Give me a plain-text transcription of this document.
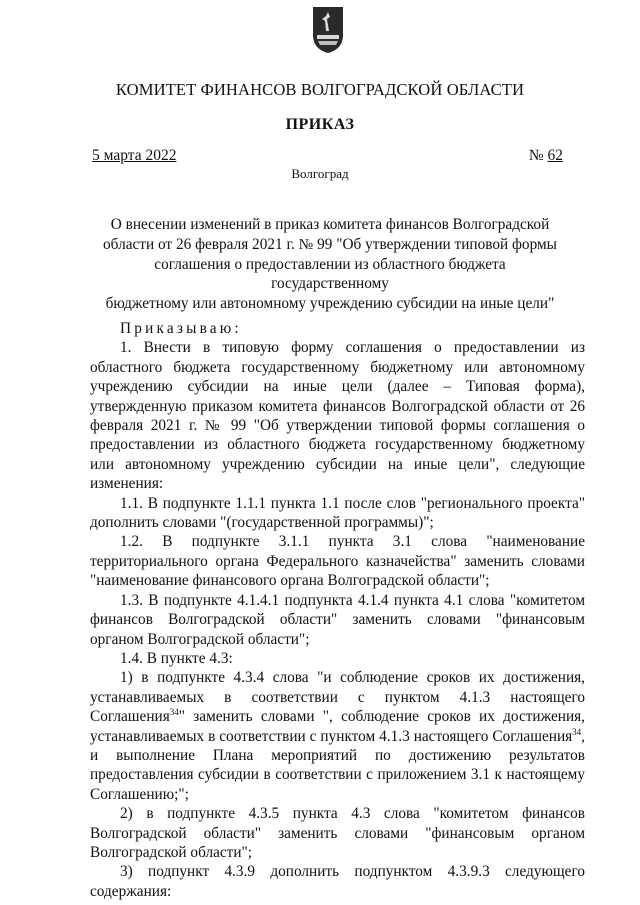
КОМИТЕТ ФИНАНСОВ ВОЛГОГРАДСКОЙ ОБЛАСТИ
ПРИКАЗ
5 марта 2022	№ 62
Волгоград
О внесении изменений в приказ комитета финансов Волгоградской
области от 26 февраля 2021 г. № 99 "Об утверждении типовой формы
соглашения о предоставлении из областного бюджета государственному
бюджетному или автономному учреждению субсидии на иные цели"

Приказываю:

1. Внести в типовую форму соглашения о предоставлении из областного бюджета государственному бюджетному или автономному учреждению субсидии на иные цели (далее – Типовая форма), утвержденную приказом комитета финансов Волгоградской области от 26 февраля 2021 г. № 99 "Об утверждении типовой формы соглашения о предоставлении из областного бюджета государственному бюджетному или автономному учреждению субсидии на иные цели", следующие изменения:

1.1. В подпункте 1.1.1 пункта 1.1 после слов "регионального проекта" дополнить словами "(государственной программы)";

1.2. В подпункте 3.1.1 пункта 3.1 слова "наименование территориального органа Федерального казначейства" заменить словами "наименование финансового органа Волгоградской области";

1.3. В подпункте 4.1.4.1 подпункта 4.1.4 пункта 4.1 слова "комитетом финансов Волгоградской области" заменить словами "финансовым органом Волгоградской области";

1.4. В пункте 4.3:

1) в подпункте 4.3.4 слова "и соблюдение сроков их достижения, устанавливаемых в соответствии с пунктом 4.1.3 настоящего Соглашения$^{34}$" заменить словами ", соблюдение сроков их достижения, устанавливаемых в соответствии с пунктом 4.1.3 настоящего Соглашения$^{34}$, и выполнение Плана мероприятий по достижению результатов предоставления субсидии в соответствии с приложением 3.1 к настоящему Соглашению;";

2) в подпункте 4.3.5 пункта 4.3 слова "комитетом финансов Волгоградской области" заменить словами "финансовым органом Волгоградской области";

3) подпункт 4.3.9 дополнить подпунктом 4.3.9.3 следующего содержания:
